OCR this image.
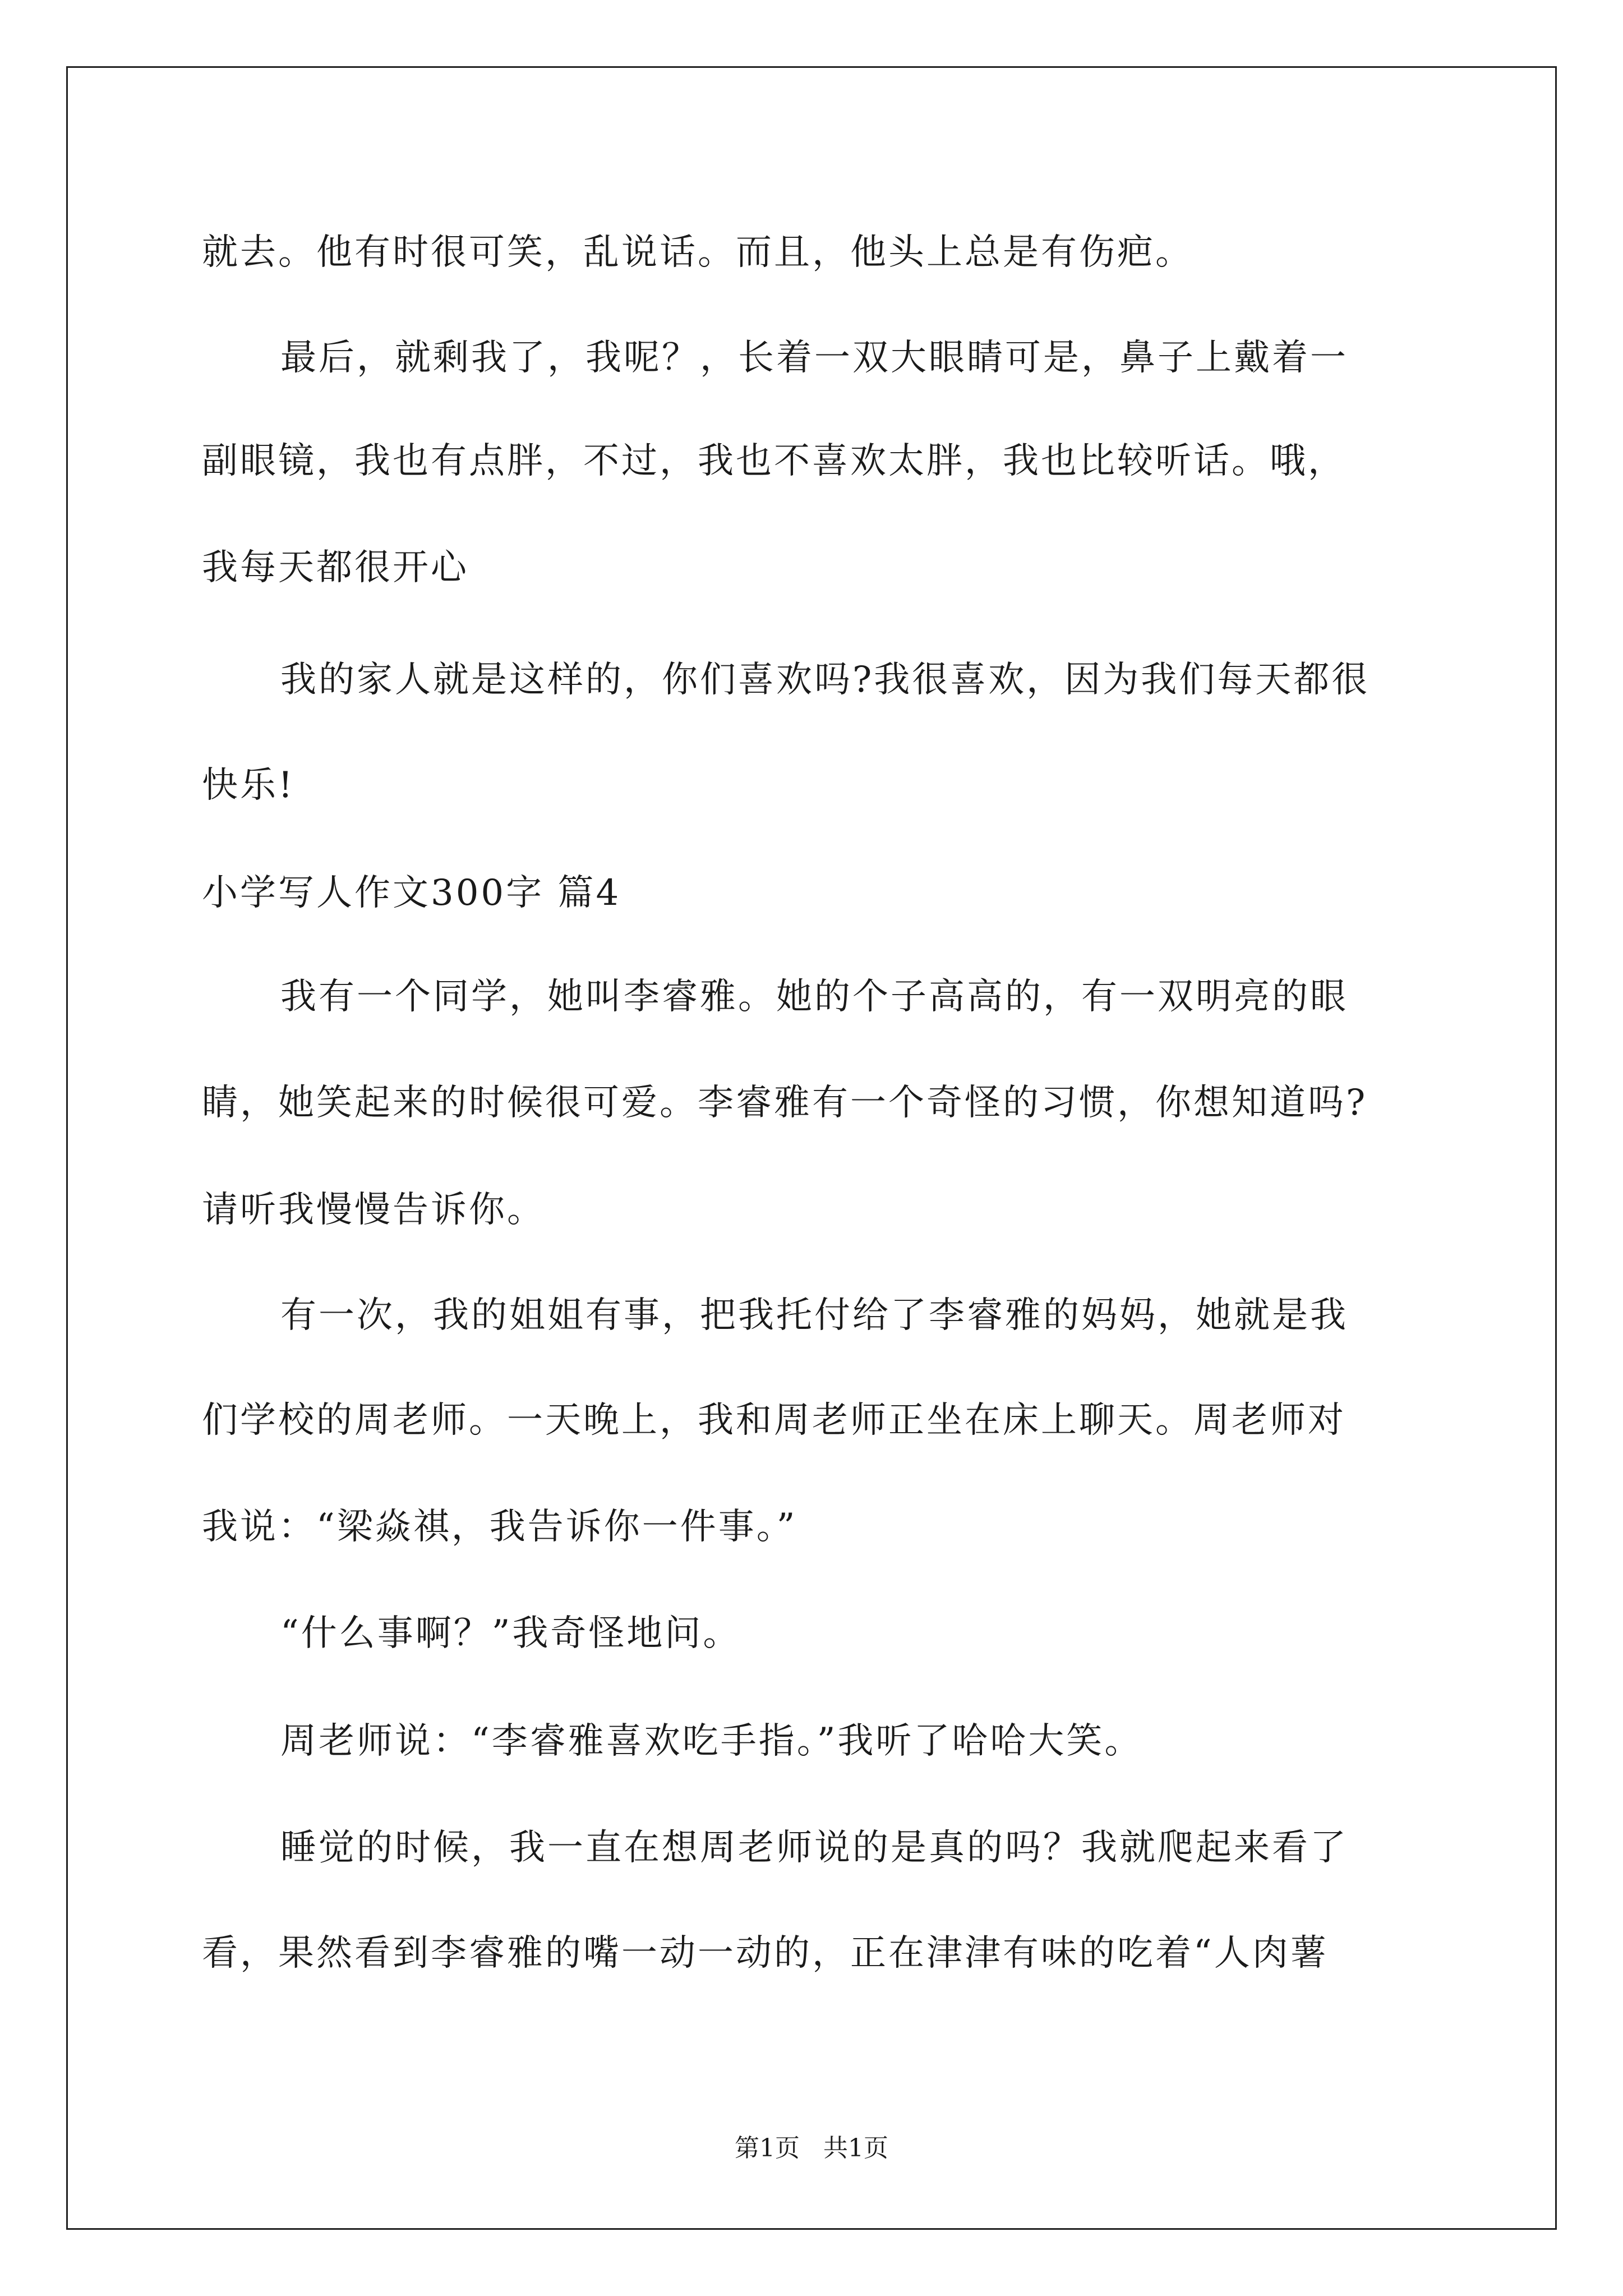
就去。他有时很可笑，乱说话。而且，他头上总是有伤疤。
最后，就剩我了，我呢？，长着一双大眼睛可是，鼻子上戴着一
副眼镜，我也有点胖，不过，我也不喜欢太胖，我也比较听话。哦，
我每天都很开心
我的家人就是这样的，你们喜欢吗?我很喜欢，因为我们每天都很
快乐!
小学写人作文300字 篇4
我有一个同学，她叫李睿雅。她的个子高高的，有一双明亮的眼
睛，她笑起来的时候很可爱。李睿雅有一个奇怪的习惯，你想知道吗?
请听我慢慢告诉你。
有一次，我的姐姐有事，把我托付给了李睿雅的妈妈，她就是我
们学校的周老师。一天晚上，我和周老师正坐在床上聊天。周老师对
我说：“梁焱祺，我告诉你一件事。”
“什么事啊？”我奇怪地问。
周老师说：“李睿雅喜欢吃手指。”我听了哈哈大笑。
睡觉的时候，我一直在想周老师说的是真的吗？我就爬起来看了
看，果然看到李睿雅的嘴一动一动的，正在津津有味的吃着“人肉薯
第1页   共1页
